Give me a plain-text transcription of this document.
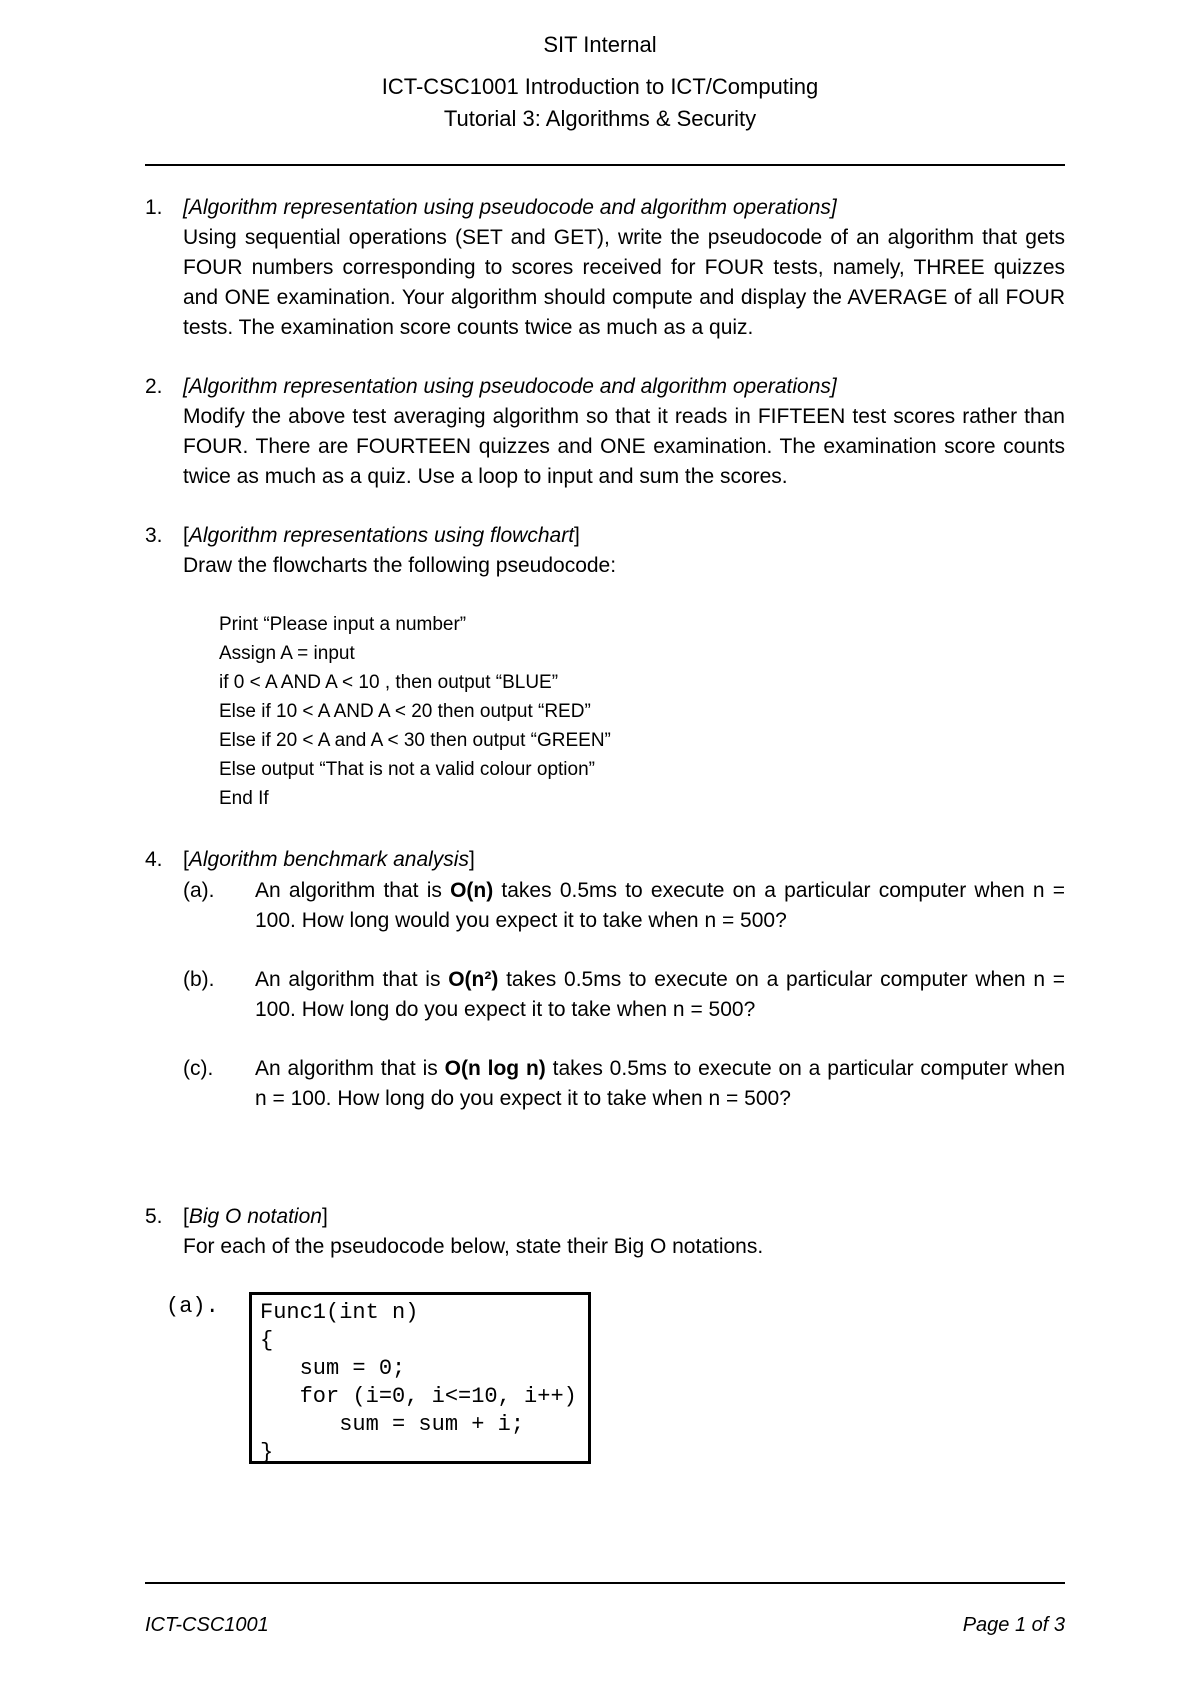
SIT Internal
ICT-CSC1001 Introduction to ICT/Computing
Tutorial 3: Algorithms & Security
1. [Algorithm representation using pseudocode and algorithm operations]
Using sequential operations (SET and GET), write the pseudocode of an algorithm that gets FOUR numbers corresponding to scores received for FOUR tests, namely, THREE quizzes and ONE examination. Your algorithm should compute and display the AVERAGE of all FOUR tests. The examination score counts twice as much as a quiz.
2. [Algorithm representation using pseudocode and algorithm operations]
Modify the above test averaging algorithm so that it reads in FIFTEEN test scores rather than FOUR. There are FOURTEEN quizzes and ONE examination. The examination score counts twice as much as a quiz. Use a loop to input and sum the scores.
3. [Algorithm representations using flowchart]
Draw the flowcharts the following pseudocode:
Print “Please input a number”
Assign A = input
if 0 < A AND A < 10 , then output “BLUE”
Else if 10 < A AND A < 20 then output “RED”
Else if 20 < A and A < 30 then output “GREEN”
Else output “That is not a valid colour option”
End If
4. [Algorithm benchmark analysis]
(a). An algorithm that is O(n) takes 0.5ms to execute on a particular computer when n = 100. How long would you expect it to take when n = 500?
(b). An algorithm that is O(n²) takes 0.5ms to execute on a particular computer when n = 100. How long do you expect it to take when n = 500?
(c). An algorithm that is O(n log n) takes 0.5ms to execute on a particular computer when n = 100. How long do you expect it to take when n = 500?
5. [Big O notation]
For each of the pseudocode below, state their Big O notations.
(a). Func1(int n)
{
sum = 0;
for (i=0, i<=10, i++)
sum = sum + i;
}
ICT-CSC1001	Page 1 of 3
